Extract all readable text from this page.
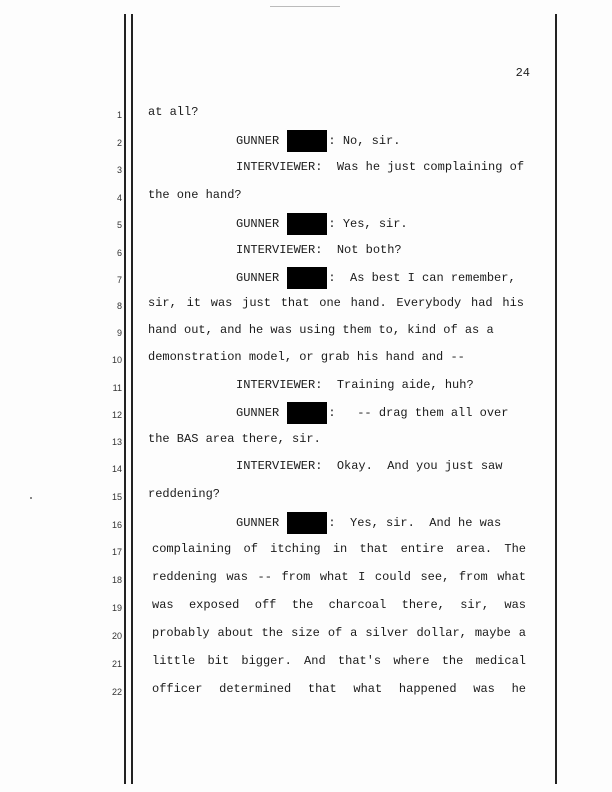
24
1
2
3
4
5
6
7
8
9
10
11
12
13
14
15
16
17
18
19
20
21
22
at all?
GUNNER	: No, sir.
INTERVIEWER:  Was he just complaining of
the one hand?
GUNNER	: Yes, sir.
INTERVIEWER:  Not both?
GUNNER	:  As best I can remember,
sir, it was just that one hand. Everybody had his
hand out, and he was using them to, kind of as a
demonstration model, or grab his hand and --
INTERVIEWER:  Training aide, huh?
GUNNER	:   -- drag them all over
the BAS area there, sir.
INTERVIEWER:  Okay.  And you just saw
reddening?
GUNNER	:  Yes, sir.  And he was
complaining of itching in that entire area. The
reddening was -- from what I could see, from what
was exposed off the charcoal there, sir, was
probably about the size of a silver dollar, maybe a
little bit bigger. And that's where the medical
officer determined that what happened was he
